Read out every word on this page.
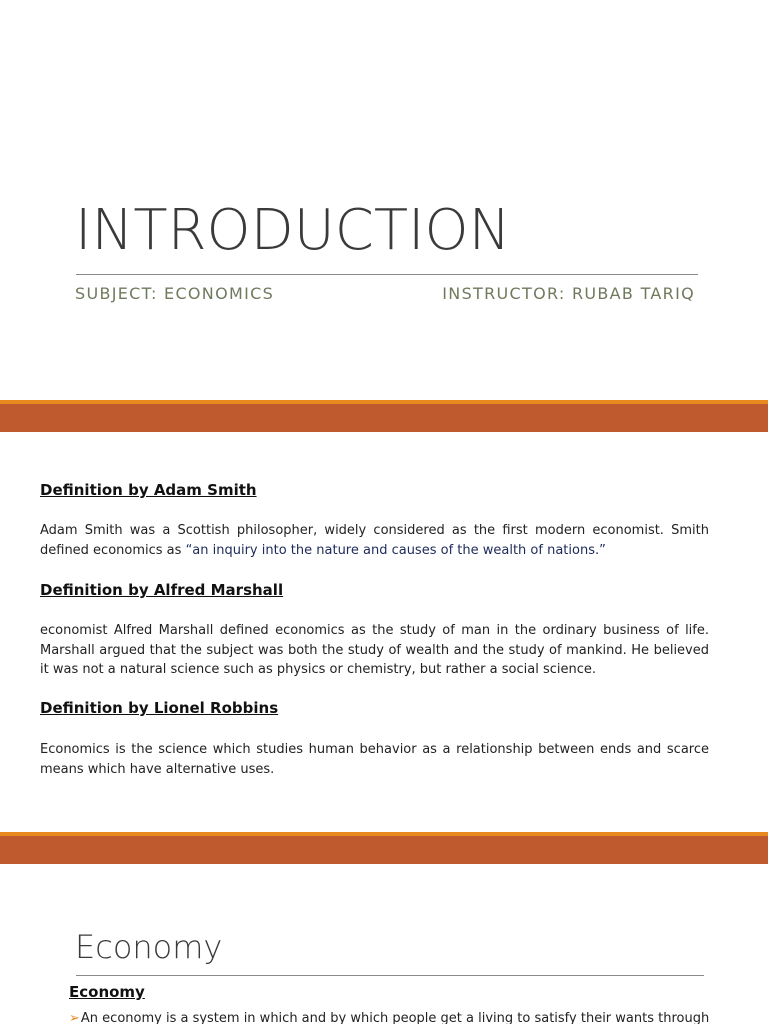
INTRODUCTION
SUBJECT: ECONOMICS	INSTRUCTOR: RUBAB TARIQ
Definition by Adam Smith

Adam Smith was a Scottish philosopher, widely considered as the first modern economist. Smith defined economics as “an inquiry into the nature and causes of the wealth of nations.”

Definition by Alfred Marshall

economist Alfred Marshall defined economics as the study of man in the ordinary business of life. Marshall argued that the subject was both the study of wealth and the study of mankind. He believed it was not a natural science such as physics or chemistry, but rather a social science.

Definition by Lionel Robbins

Economics is the science which studies human behavior as a relationship between ends and scarce means which have alternative uses.

Economy
Economy
➢An economy is a system in which and by which people get a living to satisfy their wants through
